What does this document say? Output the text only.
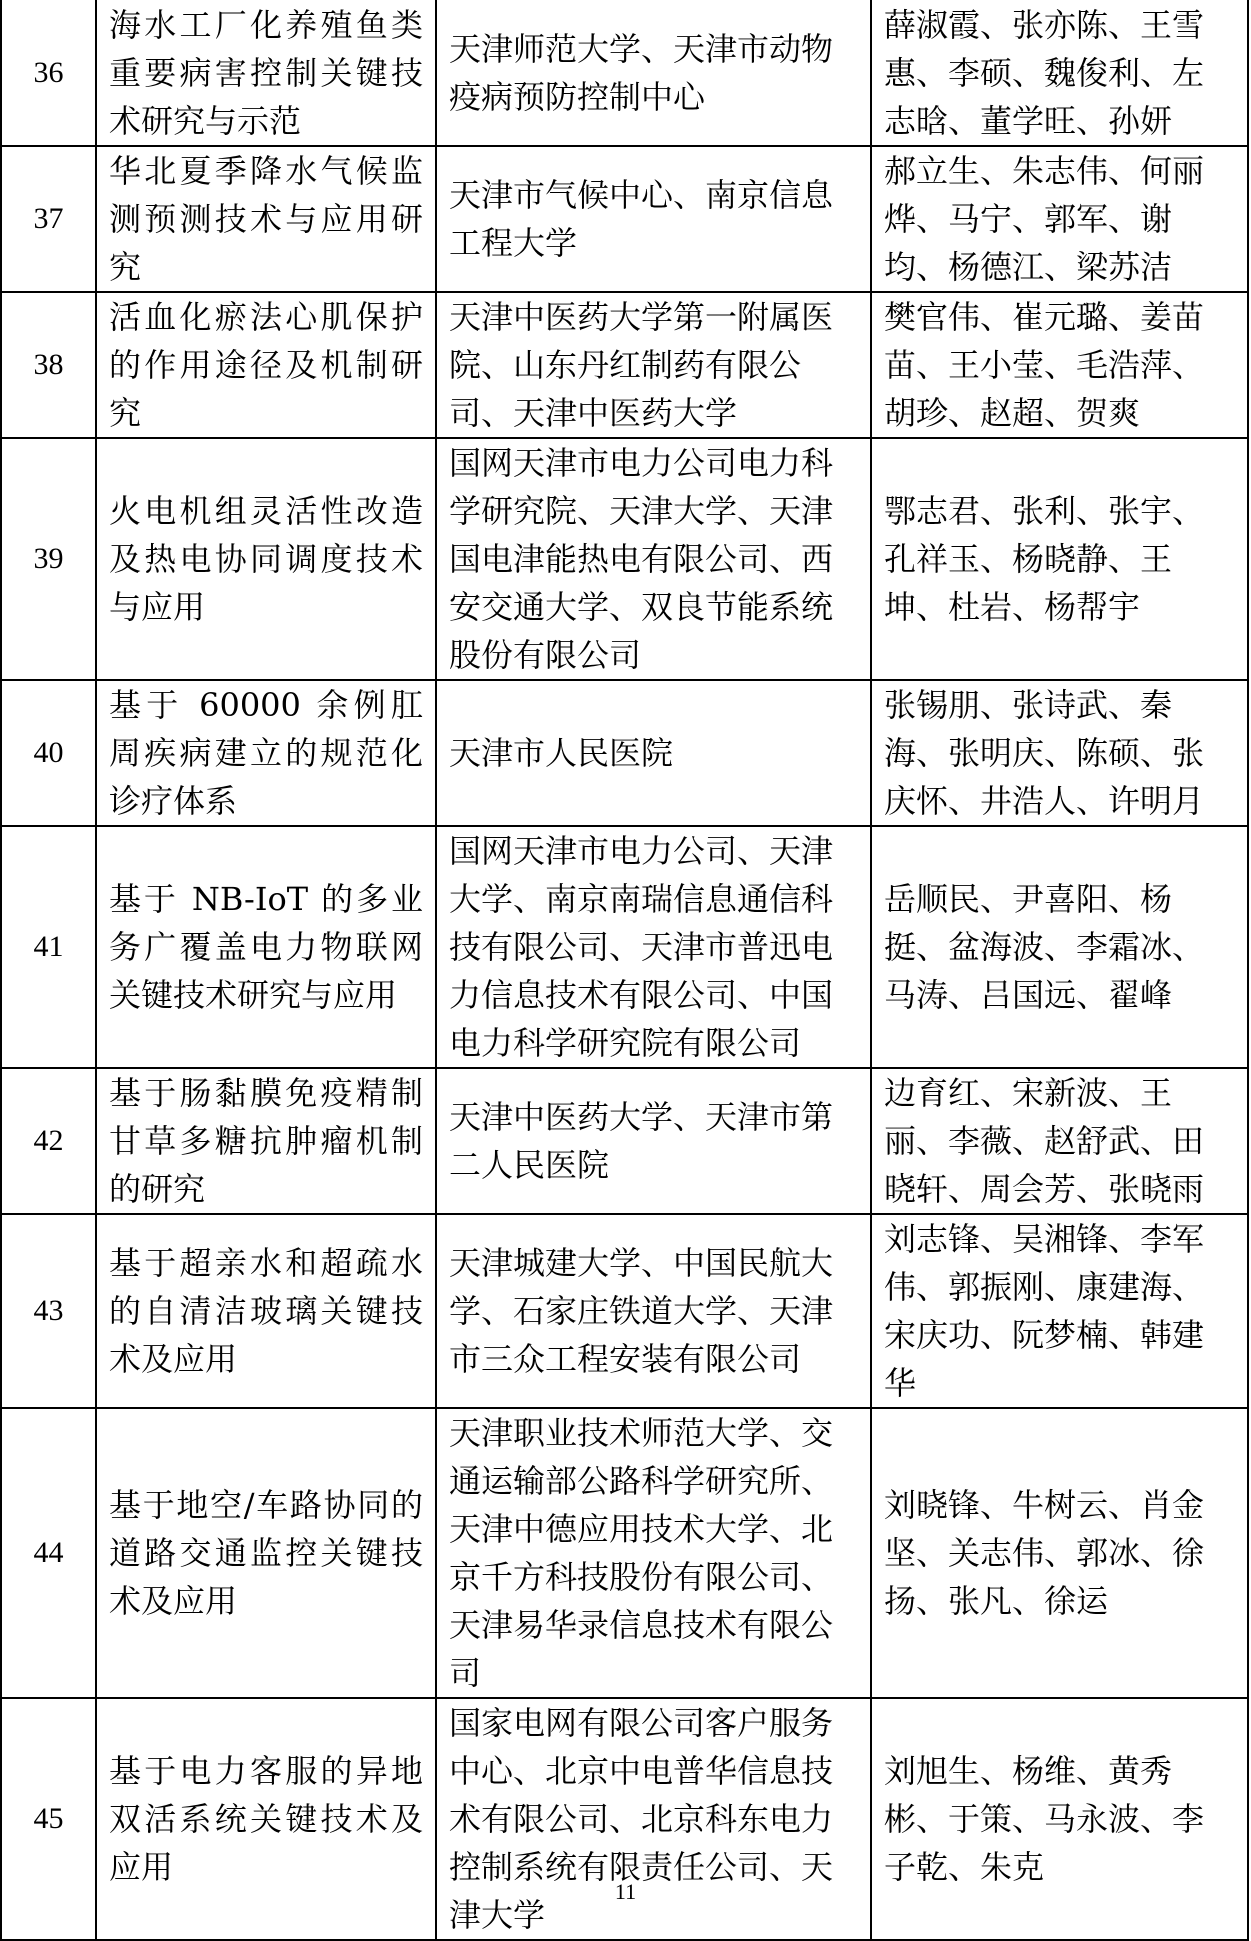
36	海水工厂化养殖鱼类重要病害控制关键技术研究与示范	天津师范大学、天津市动物疫病预防控制中心	薛淑霞、张亦陈、王雪惠、李硕、魏俊利、左志晗、董学旺、孙妍
37	华北夏季降水气候监测预测技术与应用研究	天津市气候中心、南京信息工程大学	郝立生、朱志伟、何丽烨、马宁、郭军、谢均、杨德江、梁苏洁
38	活血化瘀法心肌保护的作用途径及机制研究	天津中医药大学第一附属医院、山东丹红制药有限公司、天津中医药大学	樊官伟、崔元璐、姜苗苗、王小莹、毛浩萍、胡珍、赵超、贺爽
39	火电机组灵活性改造及热电协同调度技术与应用	国网天津市电力公司电力科学研究院、天津大学、天津国电津能热电有限公司、西安交通大学、双良节能系统股份有限公司	鄂志君、张利、张宇、孔祥玉、杨晓静、王坤、杜岩、杨帮宇
40	基于 60000 余例肛周疾病建立的规范化诊疗体系	天津市人民医院	张锡朋、张诗武、秦海、张明庆、陈硕、张庆怀、井浩人、许明月
41	基于 NB-IoT 的多业务广覆盖电力物联网关键技术研究与应用	国网天津市电力公司、天津大学、南京南瑞信息通信科技有限公司、天津市普迅电力信息技术有限公司、中国电力科学研究院有限公司	岳顺民、尹喜阳、杨挺、盆海波、李霜冰、马涛、吕国远、翟峰
42	基于肠黏膜免疫精制甘草多糖抗肿瘤机制的研究	天津中医药大学、天津市第二人民医院	边育红、宋新波、王丽、李薇、赵舒武、田晓轩、周会芳、张晓雨
43	基于超亲水和超疏水的自清洁玻璃关键技术及应用	天津城建大学、中国民航大学、石家庄铁道大学、天津市三众工程安装有限公司	刘志锋、吴湘锋、李军伟、郭振刚、康建海、宋庆功、阮梦楠、韩建华
44	基于地空/车路协同的道路交通监控关键技术及应用	天津职业技术师范大学、交通运输部公路科学研究所、天津中德应用技术大学、北京千方科技股份有限公司、天津易华录信息技术有限公司	刘晓锋、牛树云、肖金坚、关志伟、郭冰、徐扬、张凡、徐运
45	基于电力客服的异地双活系统关键技术及应用	国家电网有限公司客户服务中心、北京中电普华信息技术有限公司、北京科东电力控制系统有限责任公司、天津大学	刘旭生、杨维、黄秀彬、于策、马永波、李子乾、朱克
11
